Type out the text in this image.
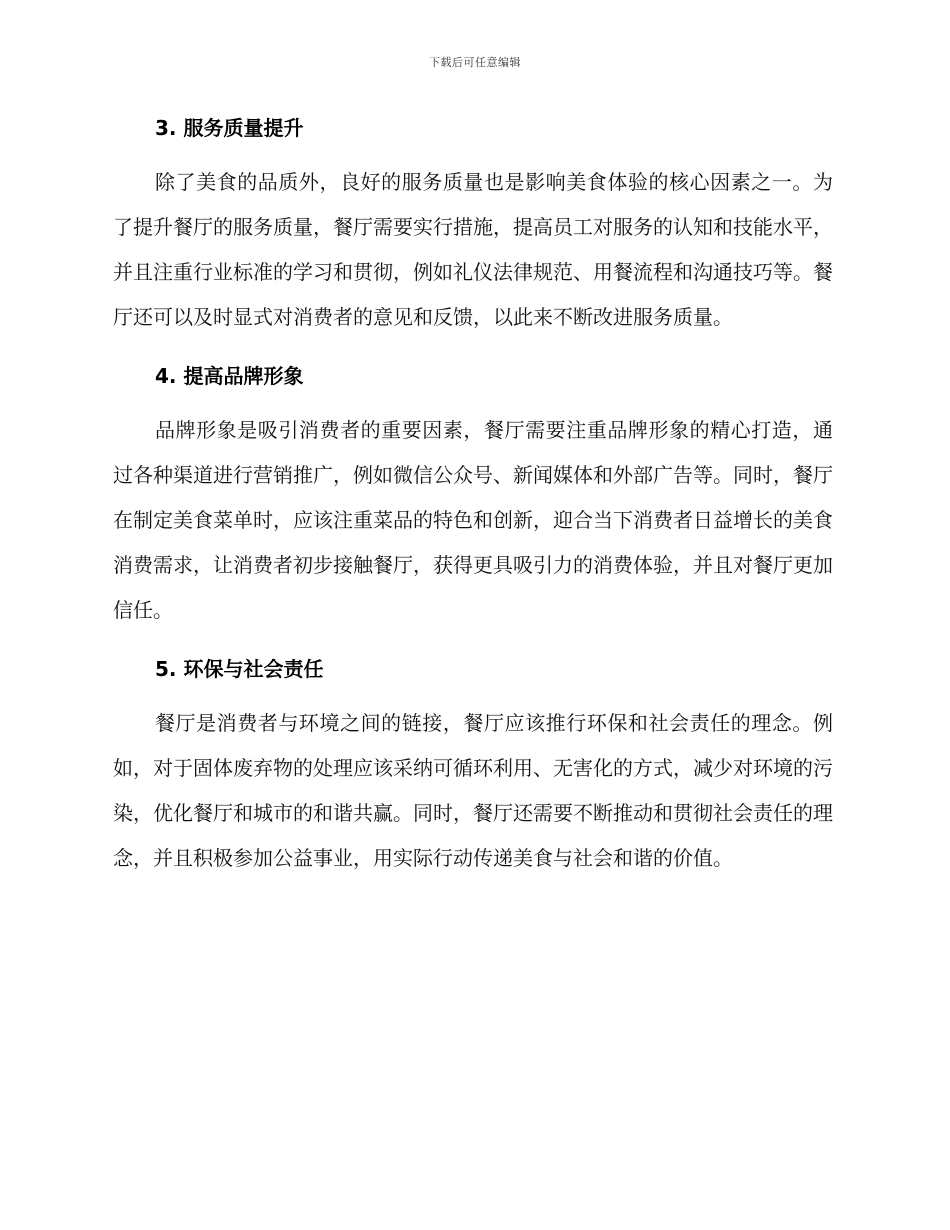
下载后可任意编辑
3. 服务质量提升

除了美食的品质外，良好的服务质量也是影响美食体验的核心因素之一。为了提升餐厅的服务质量，餐厅需要实行措施，提高员工对服务的认知和技能水平，并且注重行业标准的学习和贯彻，例如礼仪法律规范、用餐流程和沟通技巧等。餐厅还可以及时显式对消费者的意见和反馈，以此来不断改进服务质量。

4. 提高品牌形象

品牌形象是吸引消费者的重要因素，餐厅需要注重品牌形象的精心打造，通过各种渠道进行营销推广，例如微信公众号、新闻媒体和外部广告等。同时，餐厅在制定美食菜单时，应该注重菜品的特色和创新，迎合当下消费者日益增长的美食消费需求，让消费者初步接触餐厅，获得更具吸引力的消费体验，并且对餐厅更加信任。

5. 环保与社会责任

餐厅是消费者与环境之间的链接，餐厅应该推行环保和社会责任的理念。例如，对于固体废弃物的处理应该采纳可循环利用、无害化的方式，减少对环境的污染，优化餐厅和城市的和谐共赢。同时，餐厅还需要不断推动和贯彻社会责任的理念，并且积极参加公益事业，用实际行动传递美食与社会和谐的价值。
